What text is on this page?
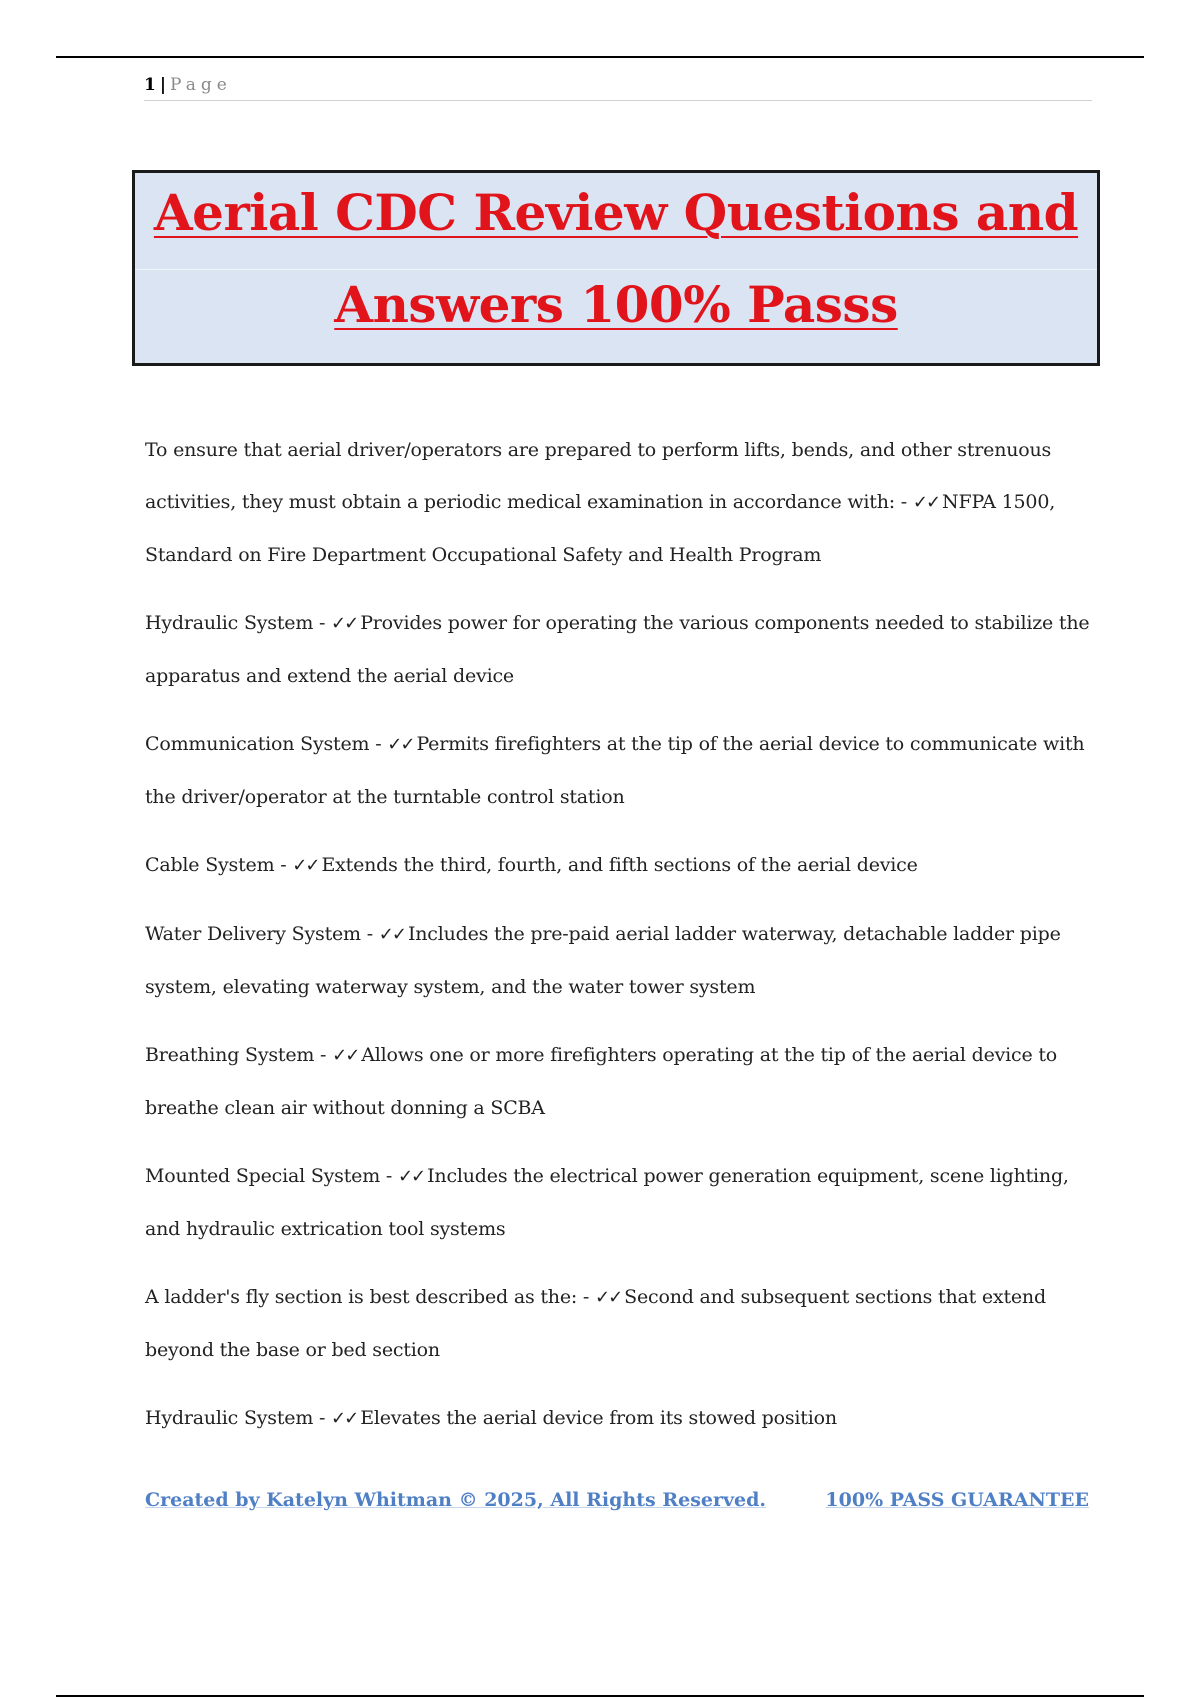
1 | Page
Aerial CDC Review Questions and
Answers 100% Passs

To ensure that aerial driver/operators are prepared to perform lifts, bends, and other strenuous activities, they must obtain a periodic medical examination in accordance with: - ✓✓ NFPA 1500, Standard on Fire Department Occupational Safety and Health Program

Hydraulic System - ✓✓ Provides power for operating the various components needed to stabilize the apparatus and extend the aerial device

Communication System - ✓✓ Permits firefighters at the tip of the aerial device to communicate with the driver/operator at the turntable control station

Cable System - ✓✓ Extends the third, fourth, and fifth sections of the aerial device

Water Delivery System - ✓✓ Includes the pre-paid aerial ladder waterway, detachable ladder pipe system, elevating waterway system, and the water tower system

Breathing System - ✓✓ Allows one or more firefighters operating at the tip of the aerial device to breathe clean air without donning a SCBA

Mounted Special System - ✓✓ Includes the electrical power generation equipment, scene lighting, and hydraulic extrication tool systems

A ladder's fly section is best described as the: - ✓✓ Second and subsequent sections that extend beyond the base or bed section

Hydraulic System - ✓✓ Elevates the aerial device from its stowed position

Created by Katelyn Whitman © 2025, All Rights Reserved.	100% PASS GUARANTEE
